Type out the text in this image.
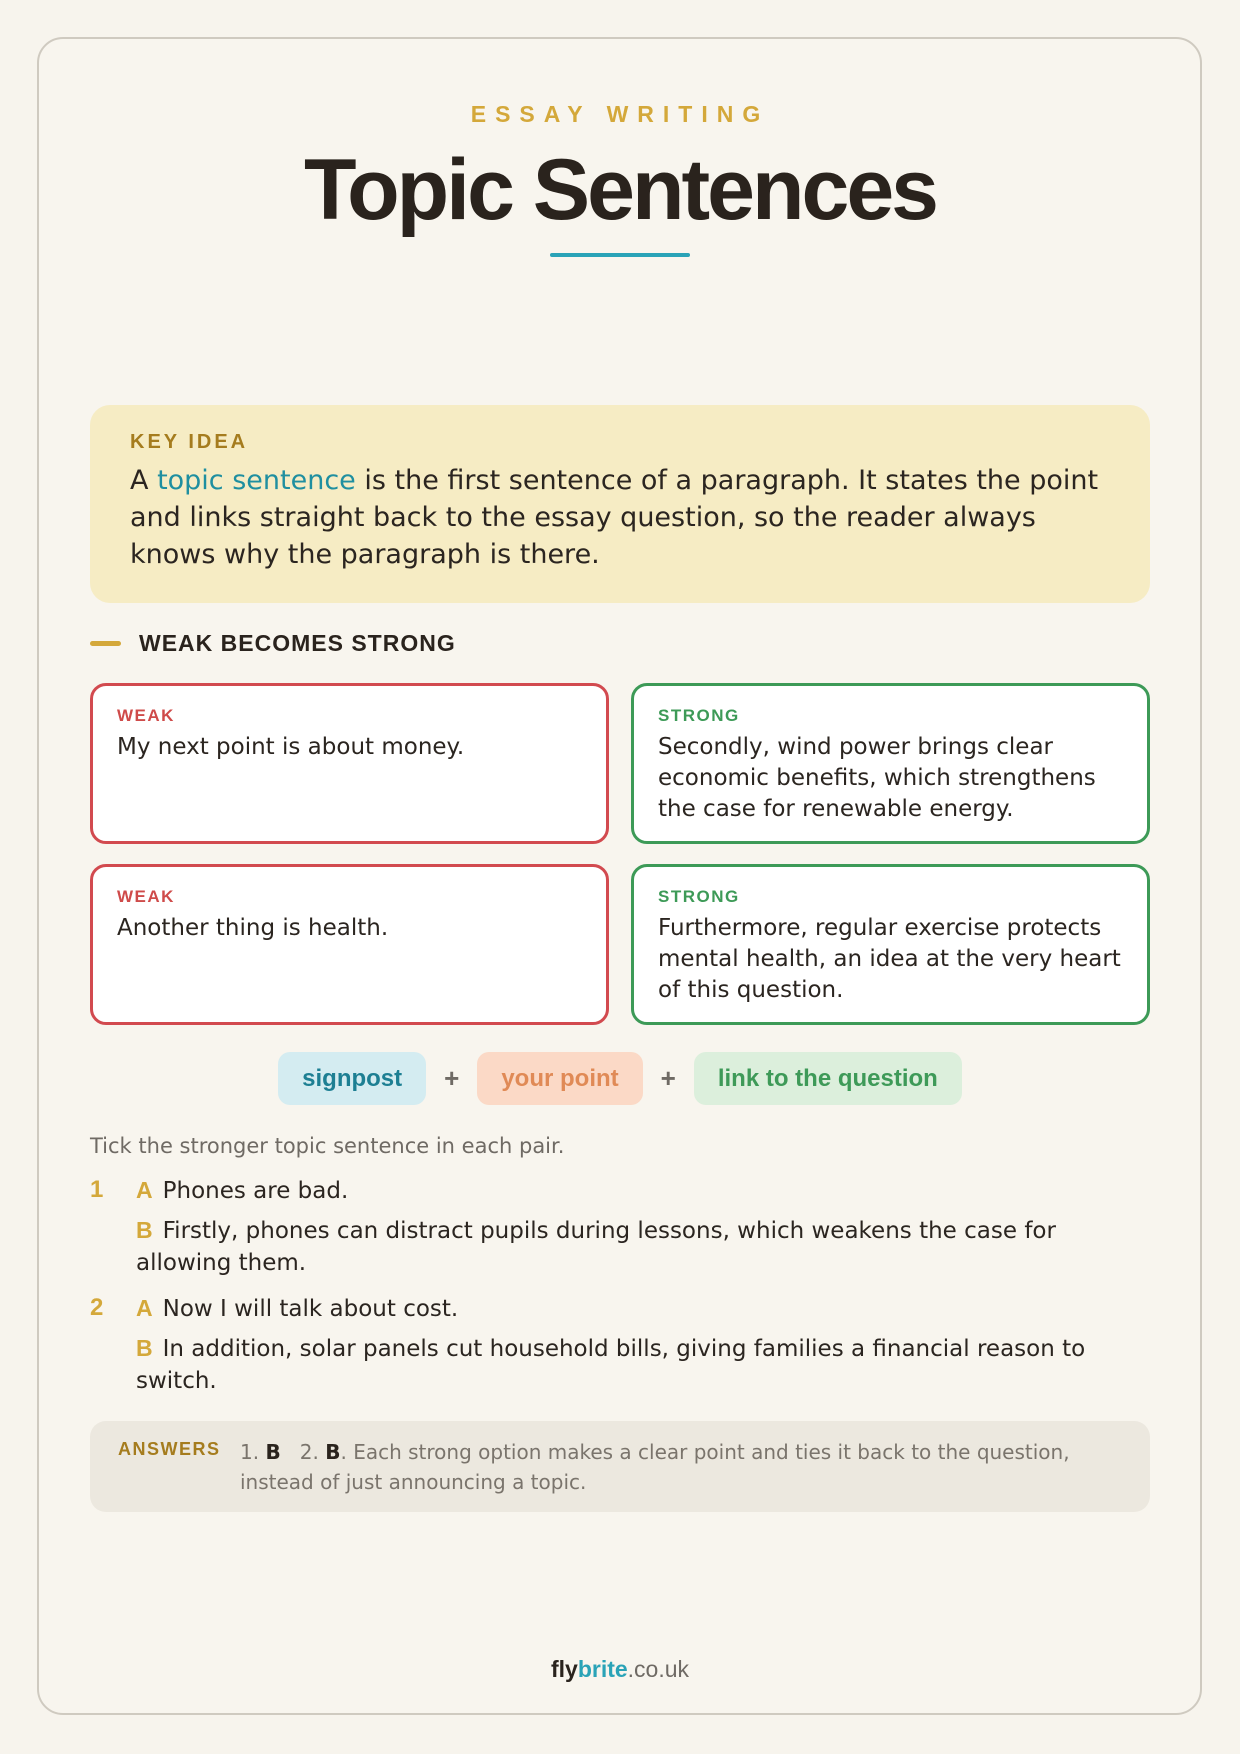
ESSAY WRITING
Topic Sentences
KEY IDEA
A topic sentence is the first sentence of a paragraph. It states the point and links straight back to the essay question, so the reader always knows why the paragraph is there.
WEAK BECOMES STRONG
WEAK
My next point is about money.
STRONG
Secondly, wind power brings clear economic benefits, which strengthens the case for renewable energy.
WEAK
Another thing is health.
STRONG
Furthermore, regular exercise protects mental health, an idea at the very heart of this question.
signpost	+	your point	+	link to the question
Tick the stronger topic sentence in each pair.
1	A Phones are bad.
B Firstly, phones can distract pupils during lessons, which weakens the case for allowing them.
2	A Now I will talk about cost.
B In addition, solar panels cut household bills, giving families a financial reason to switch.
ANSWERS 1. B 2. B. Each strong option makes a clear point and ties it back to the question, instead of just announcing a topic.
flybrite.co.uk
